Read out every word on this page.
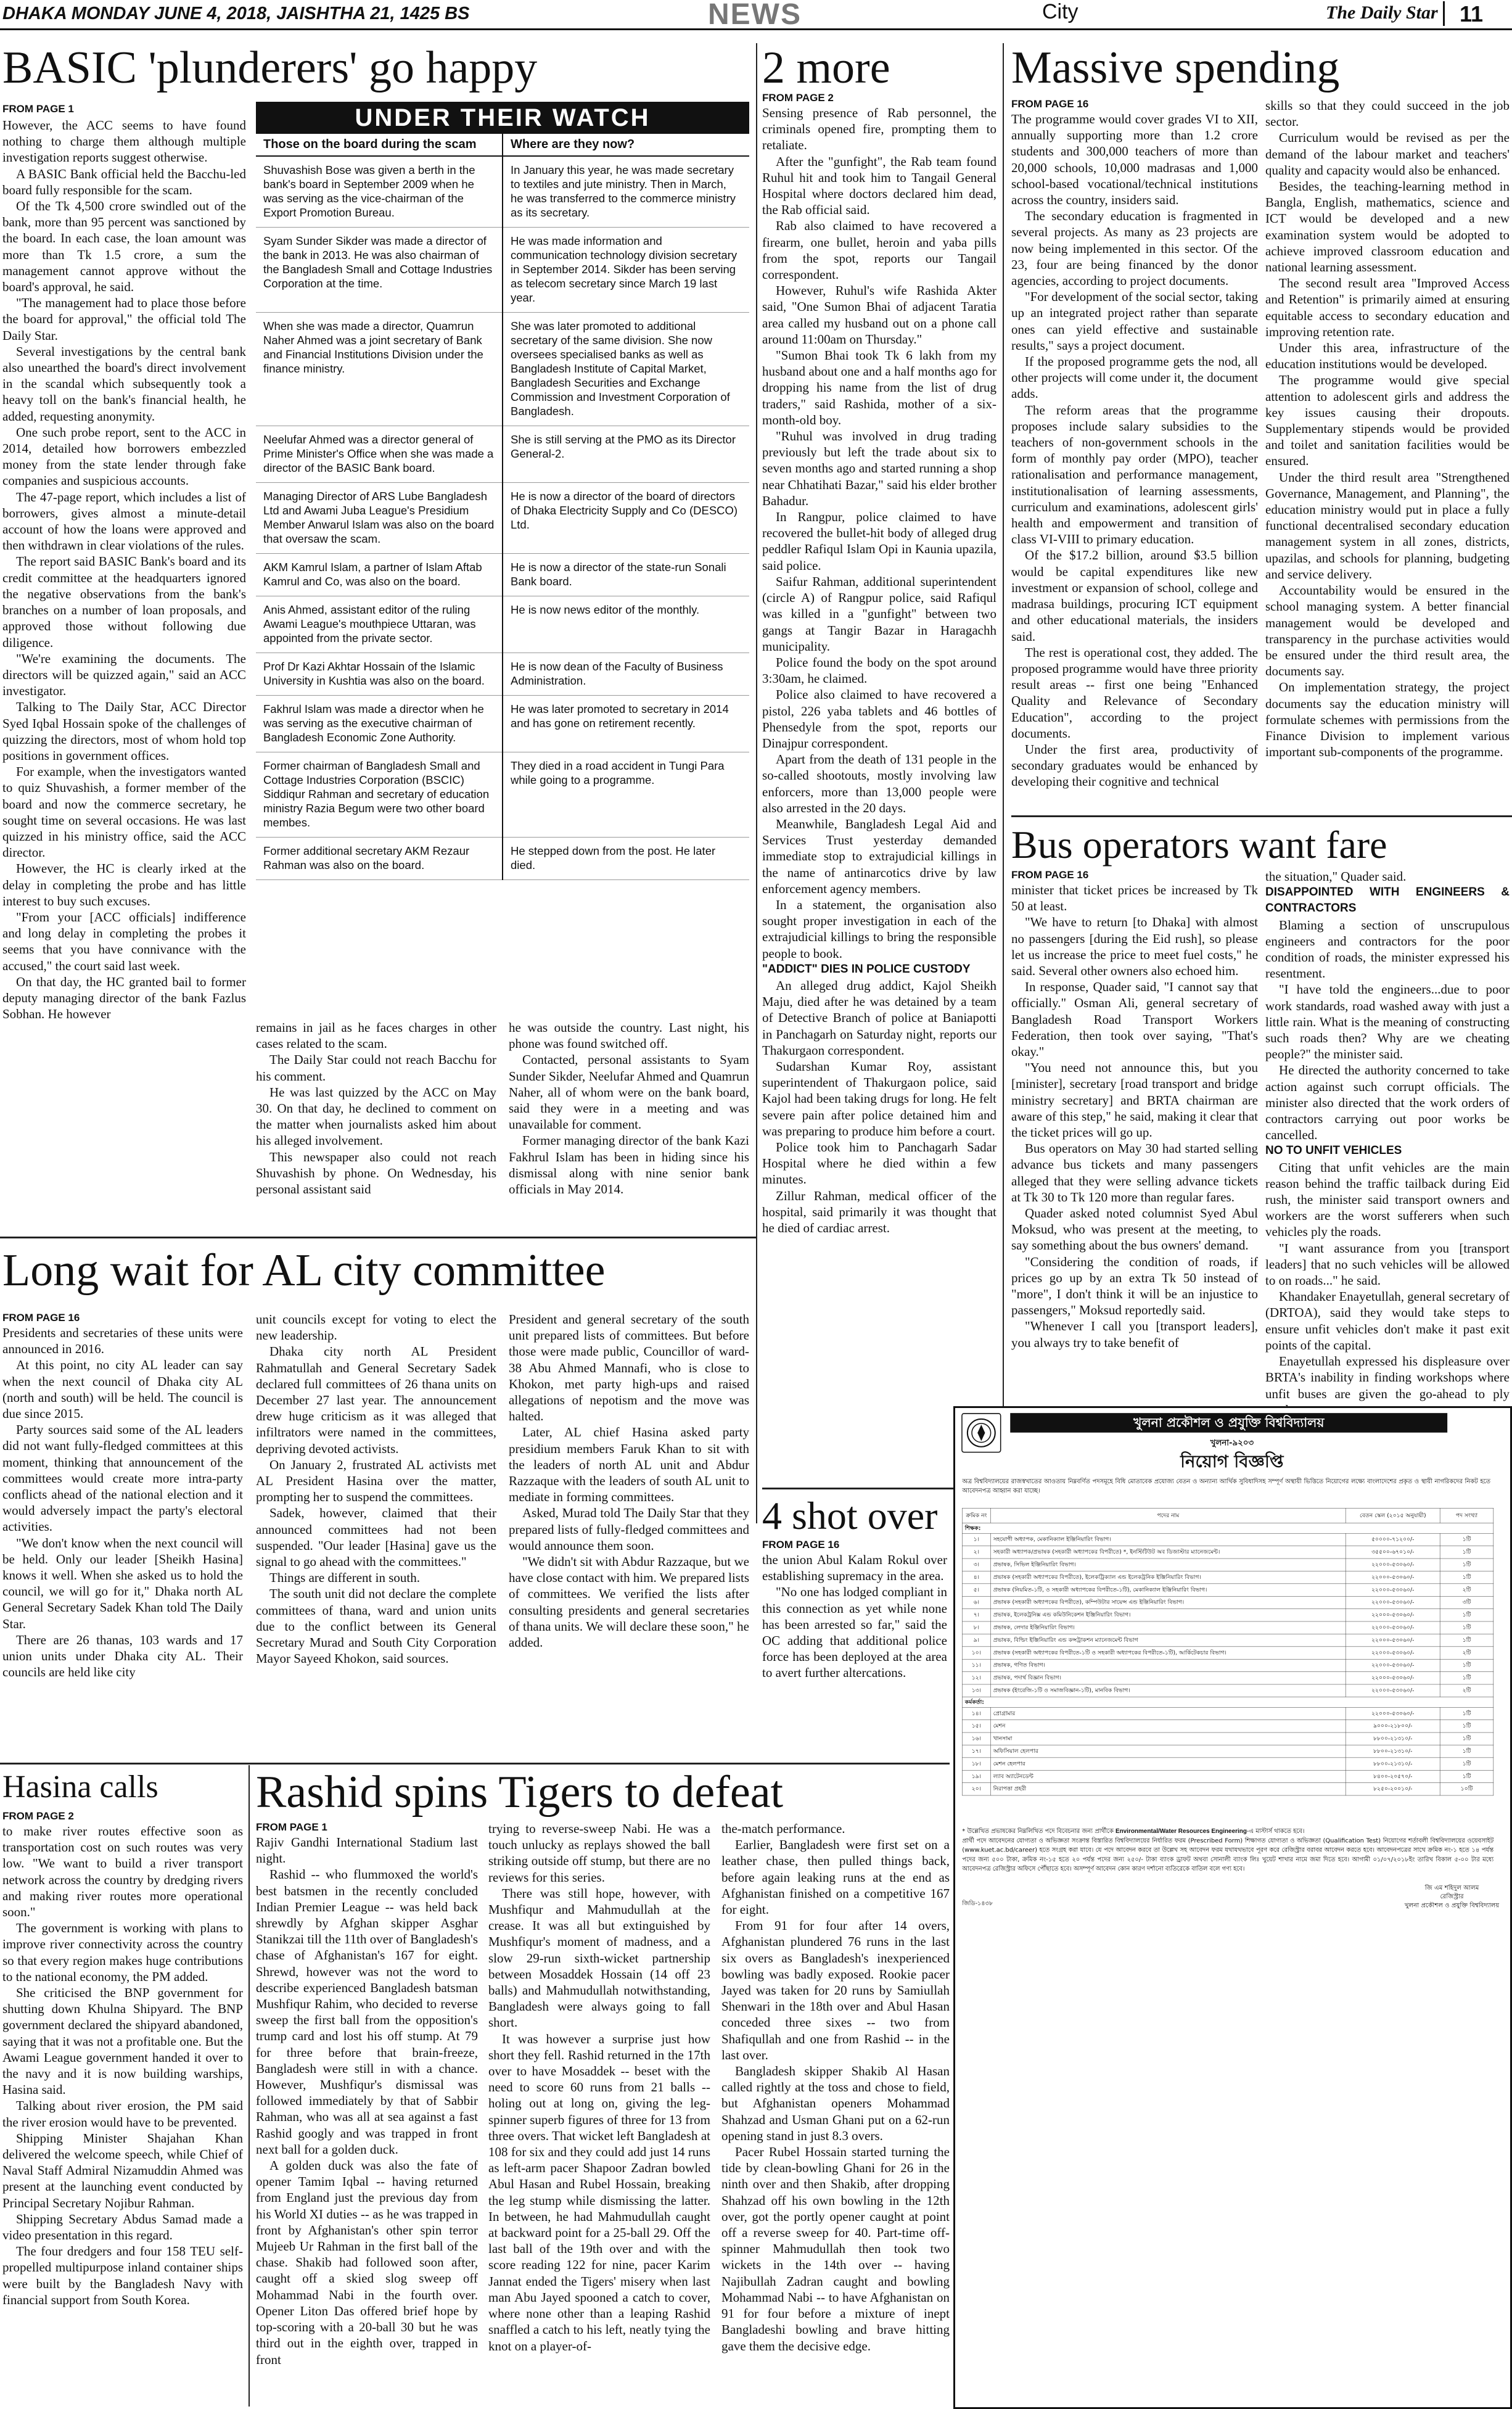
DHAKA MONDAY JUNE 4, 2018, JAISHTHA 21, 1425 BS	NEWS	City	The Daily Star 11
BASIC 'plunderers' go happy
FROM PAGE 1

However, the ACC seems to have found nothing to charge them although multiple investigation reports suggest otherwise.

A BASIC Bank official held the Bacchu-led board fully responsible for the scam.

Of the Tk 4,500 crore swindled out of the bank, more than 95 percent was sanctioned by the board. In each case, the loan amount was more than Tk 1.5 crore, a sum the management cannot approve without the board's approval, he said.

"The management had to place those before the board for approval," the official told The Daily Star.

Several investigations by the central bank also unearthed the board's direct involvement in the scandal which subsequently took a heavy toll on the bank's financial health, he added, requesting anonymity.

One such probe report, sent to the ACC in 2014, detailed how borrowers embezzled money from the state lender through fake companies and suspicious accounts.

The 47-page report, which includes a list of borrowers, gives almost a minute-detail account of how the loans were approved and then withdrawn in clear violations of the rules.

The report said BASIC Bank's board and its credit committee at the headquarters ignored the negative observations from the bank's branches on a number of loan proposals, and approved those without following due diligence.

"We're examining the documents. The directors will be quizzed again," said an ACC investigator.

Talking to The Daily Star, ACC Director Syed Iqbal Hossain spoke of the challenges of quizzing the directors, most of whom hold top positions in government offices.

For example, when the investigators wanted to quiz Shuvashish, a former member of the board and now the commerce secretary, he sought time on several occasions. He was last quizzed in his ministry office, said the ACC director.

However, the HC is clearly irked at the delay in completing the probe and has little interest to buy such excuses.

"From your [ACC officials] indifference and long delay in completing the probes it seems that you have connivance with the accused," the court said last week.

On that day, the HC granted bail to former deputy managing director of the bank Fazlus Sobhan. He however

UNDER THEIR WATCH
Those on the board during the scam	Where are they now?
Shuvashish Bose was given a berth in the bank's board in September 2009 when he was serving as the vice-chairman of the Export Promotion Bureau.	In January this year, he was made secretary to textiles and jute ministry. Then in March, he was transferred to the commerce ministry as its secretary.
Syam Sunder Sikder was made a director of the bank in 2013. He was also chairman of the Bangladesh Small and Cottage Industries Corporation at the time.	He was made information and communication technology division secretary in September 2014. Sikder has been serving as telecom secretary since March 19 last year.
When she was made a director, Quamrun Naher Ahmed was a joint secretary of Bank and Financial Institutions Division under the finance ministry.	She was later promoted to additional secretary of the same division. She now oversees specialised banks as well as Bangladesh Institute of Capital Market, Bangladesh Securities and Exchange Commission and Investment Corporation of Bangladesh.
Neelufar Ahmed was a director general of Prime Minister's Office when she was made a director of the BASIC Bank board.	She is still serving at the PMO as its Director General-2.
Managing Director of ARS Lube Bangladesh Ltd and Awami Juba League's Presidium Member Anwarul Islam was also on the board that oversaw the scam.	He is now a director of the board of directors of Dhaka Electricity Supply and Co (DESCO) Ltd.
AKM Kamrul Islam, a partner of Islam Aftab Kamrul and Co, was also on the board.	He is now a director of the state-run Sonali Bank board.
Anis Ahmed, assistant editor of the ruling Awami League's mouthpiece Uttaran, was appointed from the private sector.	He is now news editor of the monthly.
Prof Dr Kazi Akhtar Hossain of the Islamic University in Kushtia was also on the board.	He is now dean of the Faculty of Business Administration.
Fakhrul Islam was made a director when he was serving as the executive chairman of Bangladesh Economic Zone Authority.	He was later promoted to secretary in 2014 and has gone on retirement recently.
Former chairman of Bangladesh Small and Cottage Industries Corporation (BSCIC) Siddiqur Rahman and secretary of education ministry Razia Begum were two other board membes.	They died in a road accident in Tungi Para while going to a programme.
Former additional secretary AKM Rezaur Rahman was also on the board.	He stepped down from the post. He later died.

remains in jail as he faces charges in other cases related to the scam.

The Daily Star could not reach Bacchu for his comment.

He was last quizzed by the ACC on May 30. On that day, he declined to comment on the matter when journalists asked him about his alleged involvement.

This newspaper also could not reach Shuvashish by phone. On Wednesday, his personal assistant said

he was outside the country. Last night, his phone was found switched off.

Contacted, personal assistants to Syam Sunder Sikder, Neelufar Ahmed and Quamrun Naher, all of whom were on the bank board, said they were in a meeting and was unavailable for comment.

Former managing director of the bank Kazi Fakhrul Islam has been in hiding since his dismissal along with nine senior bank officials in May 2014.

2 more
FROM PAGE 2

Sensing presence of Rab personnel, the criminals opened fire, prompting them to retaliate.

After the "gunfight", the Rab team found Ruhul hit and took him to Tangail General Hospital where doctors declared him dead, the Rab official said.

Rab also claimed to have recovered a firearm, one bullet, heroin and yaba pills from the spot, reports our Tangail correspondent.

However, Ruhul's wife Rashida Akter said, "One Sumon Bhai of adjacent Taratia area called my husband out on a phone call around 11:00am on Thursday."

"Sumon Bhai took Tk 6 lakh from my husband about one and a half months ago for dropping his name from the list of drug traders," said Rashida, mother of a six-month-old boy.

"Ruhul was involved in drug trading previously but left the trade about six to seven months ago and started running a shop near Chhatihati Bazar," said his elder brother Bahadur.

In Rangpur, police claimed to have recovered the bullet-hit body of alleged drug peddler Rafiqul Islam Opi in Kaunia upazila, said police.

Saifur Rahman, additional superintendent (circle A) of Rangpur police, said Rafiqul was killed in a "gunfight" between two gangs at Tangir Bazar in Haragachh municipality.

Police found the body on the spot around 3:30am, he claimed.

Police also claimed to have recovered a pistol, 226 yaba tablets and 46 bottles of Phensedyle from the spot, reports our Dinajpur correspondent.

Apart from the death of 131 people in the so-called shootouts, mostly involving law enforcers, more than 13,000 people were also arrested in the 20 days.

Meanwhile, Bangladesh Legal Aid and Services Trust yesterday demanded immediate stop to extrajudicial killings in the name of antinarcotics drive by law enforcement agency members.

In a statement, the organisation also sought proper investigation in each of the extrajudicial killings to bring the responsible people to book.

"ADDICT" DIES IN POLICE CUSTODY

An alleged drug addict, Kajol Sheikh Maju, died after he was detained by a team of Detective Branch of police at Baniapotti in Panchagarh on Saturday night, reports our Thakurgaon correspondent.

Sudarshan Kumar Roy, assistant superintendent of Thakurgaon police, said Kajol had been taking drugs for long. He felt severe pain after police detained him and was preparing to produce him before a court.

Police took him to Panchagarh Sadar Hospital where he died within a few minutes.

Zillur Rahman, medical officer of the hospital, said primarily it was thought that he died of cardiac arrest.

Massive spending
FROM PAGE 16

The programme would cover grades VI to XII, annually supporting more than 1.2 crore students and 300,000 teachers of more than 20,000 schools, 10,000 madrasas and 1,000 school-based vocational/technical institutions across the country, insiders said.

The secondary education is fragmented in several projects. As many as 23 projects are now being implemented in this sector. Of the 23, four are being financed by the donor agencies, according to project documents.

"For development of the social sector, taking up an integrated project rather than separate ones can yield effective and sustainable results," says a project document.

If the proposed programme gets the nod, all other projects will come under it, the document adds.

The reform areas that the programme proposes include salary subsidies to the teachers of non-government schools in the form of monthly pay order (MPO), teacher rationalisation and performance management, institutionalisation of learning assessments, curriculum and examinations, adolescent girls' health and empowerment and transition of class VI-VIII to primary education.

Of the $17.2 billion, around $3.5 billion would be capital expenditures like new investment or expansion of school, college and madrasa buildings, procuring ICT equipment and other educational materials, the insiders said.

The rest is operational cost, they added. The proposed programme would have three priority result areas -- first one being "Enhanced Quality and Relevance of Secondary Education", according to the project documents.

Under the first area, productivity of secondary graduates would be enhanced by developing their cognitive and technical

skills so that they could succeed in the job sector.

Curriculum would be revised as per the demand of the labour market and teachers' quality and capacity would also be enhanced.

Besides, the teaching-learning method in Bangla, English, mathematics, science and ICT would be developed and a new examination system would be adopted to achieve improved classroom education and national learning assessment.

The second result area "Improved Access and Retention" is primarily aimed at ensuring equitable access to secondary education and improving retention rate.

Under this area, infrastructure of the education institutions would be developed.

The programme would give special attention to adolescent girls and address the key issues causing their dropouts. Supplementary stipends would be provided and toilet and sanitation facilities would be ensured.

Under the third result area "Strengthened Governance, Management, and Planning", the education ministry would put in place a fully functional decentralised secondary education management system in all zones, districts, upazilas, and schools for planning, budgeting and service delivery.

Accountability would be ensured in the school managing system. A better financial management would be developed and transparency in the purchase activities would be ensured under the third result area, the documents say.

On implementation strategy, the project documents say the education ministry will formulate schemes with permissions from the Finance Division to implement various important sub-components of the programme.

Bus operators want fare
FROM PAGE 16

minister that ticket prices be increased by Tk 50 at least.

"We have to return [to Dhaka] with almost no passengers [during the Eid rush], so please let us increase the price to meet fuel costs," he said. Several other owners also echoed him.

In response, Quader said, "I cannot say that officially." Osman Ali, general secretary of Bangladesh Road Transport Workers Federation, then took over saying, "That's okay."

"You need not announce this, but you [minister], secretary [road transport and bridge ministry secretary] and BRTA chairman are aware of this step," he said, making it clear that the ticket prices will go up.

Bus operators on May 30 had started selling advance bus tickets and many passengers alleged that they were selling advance tickets at Tk 30 to Tk 120 more than regular fares.

Quader asked noted columnist Syed Abul Moksud, who was present at the meeting, to say something about the bus owners' demand.

"Considering the condition of roads, if prices go up by an extra Tk 50 instead of "more", I don't think it will be an injustice to passengers," Moksud reportedly said.

"Whenever I call you [transport leaders], you always try to take benefit of

the situation," Quader said.

DISAPPOINTED WITH ENGINEERS & CONTRACTORS

Blaming a section of unscrupulous engineers and contractors for the poor condition of roads, the minister expressed his resentment.

"I have told the engineers...due to poor work standards, road washed away with just a little rain. What is the meaning of constructing such roads then? Why are we cheating people?" the minister said.

He directed the authority concerned to take action against such corrupt officials. The minister also directed that the work orders of contractors carrying out poor works be cancelled.

NO TO UNFIT VEHICLES

Citing that unfit vehicles are the main reason behind the traffic tailback during Eid rush, the minister said transport owners and workers are the worst sufferers when such vehicles ply the roads.

"I want assurance from you [transport leaders] that no such vehicles will be allowed to on roads..." he said.

Khandaker Enayetullah, general secretary of (DRTOA), said they would take steps to ensure unfit vehicles don't make it past exit points of the capital.

Enayetullah expressed his displeasure over BRTA's inability in finding workshops where unfit buses are given the go-ahead to ply

Long wait for AL city committee
FROM PAGE 16

Presidents and secretaries of these units were announced in 2016.

At this point, no city AL leader can say when the next council of Dhaka city AL (north and south) will be held. The council is due since 2015.

Party sources said some of the AL leaders did not want fully-fledged committees at this moment, thinking that announcement of the committees would create more intra-party conflicts ahead of the national election and it would adversely impact the party's electoral activities.

"We don't know when the next council will be held. Only our leader [Sheikh Hasina] knows it well. When she asked us to hold the council, we will go for it," Dhaka north AL General Secretary Sadek Khan told The Daily Star.

There are 26 thanas, 103 wards and 17 union units under Dhaka city AL. Their councils are held like city

unit councils except for voting to elect the new leadership.

Dhaka city north AL President Rahmatullah and General Secretary Sadek declared full committees of 26 thana units on December 27 last year. The announcement drew huge criticism as it was alleged that infiltrators were named in the committees, depriving devoted activists.

On January 2, frustrated AL activists met AL President Hasina over the matter, prompting her to suspend the committees.

Sadek, however, claimed that their announced committees had not been suspended. "Our leader [Hasina] gave us the signal to go ahead with the committees."

Things are different in south.

The south unit did not declare the complete committees of thana, ward and union units due to the conflict between its General Secretary Murad and South City Corporation Mayor Sayeed Khokon, said sources.

President and general secretary of the south unit prepared lists of committees. But before those were made public, Councillor of ward-38 Abu Ahmed Mannafi, who is close to Khokon, met party high-ups and raised allegations of nepotism and the move was halted.

Later, AL chief Hasina asked party presidium members Faruk Khan to sit with the leaders of north AL unit and Abdur Razzaque with the leaders of south AL unit to mediate in forming committees.

Asked, Murad told The Daily Star that they prepared lists of fully-fledged committees and would announce them soon.

"We didn't sit with Abdur Razzaque, but we have close contact with him. We prepared lists of committees. We verified the lists after consulting presidents and general secretaries of thana units. We will declare these soon," he added.

4 shot over
FROM PAGE 16

the union Abul Kalam Rokul over establishing supremacy in the area.

"No one has lodged compliant in this connection as yet while none has been arrested so far," said the OC adding that additional police force has been deployed at the area to avert further altercations.

Hasina calls
FROM PAGE 2

to make river routes effective soon as transportation cost on such routes was very low. "We want to build a river transport network across the country by dredging rivers and making river routes more operational soon."

The government is working with plans to improve river connectivity across the country so that every region makes huge contributions to the national economy, the PM added.

She criticised the BNP government for shutting down Khulna Shipyard. The BNP government declared the shipyard abandoned, saying that it was not a profitable one. But the Awami League government handed it over to the navy and it is now building warships, Hasina said.

Talking about river erosion, the PM said the river erosion would have to be prevented.

Shipping Minister Shajahan Khan delivered the welcome speech, while Chief of Naval Staff Admiral Nizamuddin Ahmed was present at the launching event conducted by Principal Secretary Nojibur Rahman.

Shipping Secretary Abdus Samad made a video presentation in this regard.

The four dredgers and four 158 TEU self-propelled multipurpose inland container ships were built by the Bangladesh Navy with financial support from South Korea.

Rashid spins Tigers to defeat
FROM PAGE 1

Rajiv Gandhi International Stadium last night.

Rashid -- who flummoxed the world's best batsmen in the recently concluded Indian Premier League -- was held back shrewdly by Afghan skipper Asghar Stanikzai till the 11th over of Bangladesh's chase of Afghanistan's 167 for eight. Shrewd, however was not the word to describe experienced Bangladesh batsman Mushfiqur Rahim, who decided to reverse sweep the first ball from the opposition's trump card and lost his off stump. At 79 for three before that brain-freeze, Bangladesh were still in with a chance. However, Mushfiqur's dismissal was followed immediately by that of Sabbir Rahman, who was all at sea against a fast Rashid googly and was trapped in front next ball for a golden duck.

A golden duck was also the fate of opener Tamim Iqbal -- having returned from England just the previous day from his World XI duties -- as he was trapped in front by Afghanistan's other spin terror Mujeeb Ur Rahman in the first ball of the chase. Shakib had followed soon after, caught off a skied slog sweep off Mohammad Nabi in the fourth over. Opener Liton Das offered brief hope by top-scoring with a 20-ball 30 but he was third out in the eighth over, trapped in front

trying to reverse-sweep Nabi. He was a touch unlucky as replays showed the ball striking outside off stump, but there are no reviews for this series.

There was still hope, however, with Mushfiqur and Mahmudullah at the crease. It was all but extinguished by Mushfiqur's moment of madness, and a slow 29-run sixth-wicket partnership between Mosaddek Hossain (14 off 23 balls) and Mahmudullah notwithstanding, Bangladesh were always going to fall short.

It was however a surprise just how short they fell. Rashid returned in the 17th over to have Mosaddek -- beset with the need to score 60 runs from 21 balls -- holing out at long on, giving the leg-spinner superb figures of three for 13 from three overs. That wicket left Bangladesh at 108 for six and they could add just 14 runs as left-arm pacer Shapoor Zadran bowled Abul Hasan and Rubel Hossain, breaking the leg stump while dismissing the latter. In between, he had Mahmudullah caught at backward point for a 25-ball 29. Off the last ball of the 19th over and with the score reading 122 for nine, pacer Karim Jannat ended the Tigers' misery when last man Abu Jayed spooned a catch to cover, where none other than a leaping Rashid snaffled a catch to his left, neatly tying the knot on a player-of-

the-match performance.

Earlier, Bangladesh were first set on a leather chase, then pulled things back, before again leaking runs at the end as Afghanistan finished on a competitive 167 for eight.

From 91 for four after 14 overs, Afghanistan plundered 76 runs in the last six overs as Bangladesh's inexperienced bowling was badly exposed. Rookie pacer Jayed was taken for 20 runs by Samiullah Shenwari in the 18th over and Abul Hasan conceded three sixes -- two from Shafiqullah and one from Rashid -- in the last over.

Bangladesh skipper Shakib Al Hasan called rightly at the toss and chose to field, but Afghanistan openers Mohammad Shahzad and Usman Ghani put on a 62-run opening stand in just 8.3 overs.

Pacer Rubel Hossain started turning the tide by clean-bowling Ghani for 26 in the ninth over and then Shakib, after dropping Shahzad off his own bowling in the 12th over, got the portly opener caught at point off a reverse sweep for 40. Part-time off-spinner Mahmudullah then took two wickets in the 14th over -- having Najibullah Zadran caught and bowling Mohammad Nabi -- to have Afghanistan on 91 for four before a mixture of inept Bangladeshi bowling and brave hitting gave them the decisive edge.

খুলনা প্রকৌশল ও প্রযুক্তি বিশ্ববিদ্যালয়
খুলনা-৯২০৩
নিয়োগ বিজ্ঞপ্তি
অত্র বিশ্ববিদ্যালয়ের রাজস্বখাতের আওতায় নিম্নবর্ণিত পদসমূহে বিধি মোতাবেক প্রযোজ্য বেতন ও অন্যান্য আর্থিক সুবিধাদিসহ সম্পূর্ণ অস্থায়ী ভিত্তিতে নিয়োগের লক্ষ্যে বাংলাদেশের প্রকৃত ও স্থায়ী নাগরিকদের নিকট হতে আবেদনপত্র আহ্বান করা যাচ্ছে।
ক্রমিক নং	পদের নাম	বেতন স্কেল (২০১৫ অনুযায়ী)	পদ সংখ্যা
শিক্ষক:			
১।	সহযোগী অধ্যাপক, মেকানিক্যাল ইঞ্জিনিয়ারিং বিভাগ।	৫০০০০-৭১২০০/-	১টি
২।	সহকারী অধ্যাপক/প্রভাষক (সহকারী অধ্যাপকের বিপরীতে) *, ইনস্টিটিউট অব ডিজাস্টার ম্যানেজমেন্ট।	৩৫৫০০-৬৭০১০/-	১টি
৩।	প্রভাষক, সিভিল ইঞ্জিনিয়ারিং বিভাগ।	২২০০০-৫৩০৬০/-	১টি
৪।	প্রভাষক (সহকারী অধ্যাপকের বিপরীতে), ইলেকট্রিক্যাল এন্ড ইলেকট্রনিক ইঞ্জিনিয়ারিং বিভাগ।	২২০০০-৫৩০৬০/-	১টি
৫।	প্রভাষক (নিয়মিত-১টি, ও সহকারী অধ্যাপকের বিপরীতে-১টি), মেকানিক্যাল ইঞ্জিনিয়ারিং বিভাগ।	২২০০০-৫৩০৬০/-	২টি
৬।	প্রভাষক (সহকারী অধ্যাপকের বিপরীতে), কম্পিউটার সায়েন্স এন্ড ইঞ্জিনিয়ারিং বিভাগ।	২২০০০-৫৩০৬০/-	৩টি
৭।	প্রভাষক, ইলেকট্রনিক্স এন্ড কমিউনিকেশন ইঞ্জিনিয়ারিং বিভাগ।	২২০০০-৫৩০৬০/-	১টি
৮।	প্রভাষক, লেদার ইঞ্জিনিয়ারিং বিভাগ।	২২০০০-৫৩০৬০/-	১টি
৯।	প্রভাষক, বিল্ডিং ইঞ্জিনিয়ারিং এন্ড কন্সট্রাকশন ম্যানেজমেন্ট বিভাগ	২২০০০-৫৩০৬০/-	১টি
১০।	প্রভাষক (সহকারী অধ্যাপকের বিপরীতে-১টি ও সহকারী অধ্যাপকের বিপরীতে-১টি), আর্কিটেকচার বিভাগ।	২২০০০-৫৩০৬০/-	২টি
১১।	প্রভাষক, গণিত বিভাগ।	২২০০০-৫৩০৬০/-	১টি
১২।	প্রভাষক, পদার্থ বিজ্ঞান বিভাগ।	২২০০০-৫৩০৬০/-	১টি
১৩।	প্রভাষক (ইংরেজি-১টি ও সমাজবিজ্ঞান-১টি), মানবিক বিভাগ।	২২০০০-৫৩০৬০/-	২টি
কর্মকর্তা:			
১৪।	প্রোগ্রামার	২২০০০-৫৩০৬০/-	১টি
১৫।	মেশন	৯০০০-২১৮০০/-	১টি
১৬।	খানসামা	৮৮০০-২১৩১০/-	১টি
১৭।	অফিসিয়াল হেলপার	৮৮০০-২১৩১০/-	১টি
১৮।	মেশন হেলপার	৮৮০০-২১৩১০/-	১টি
১৯।	ল্যাব অ্যাটেনডেন্ট	৮৪০০-২০৫৭০/-	১টি
২০।	নিরাপত্তা প্রহরী	৮২৫০-২০০১০/-	১০টি
* উল্লেখিত প্রভাষকের নিম্নলিখিত পদে বিবেচনার জন্য প্রার্থীকে Environmental/Water Resources Engineering-এ মাস্টার্স থাকতে হবে।
প্রার্থী পদে আবেদনের যোগ্যতা ও অভিজ্ঞতা সংক্রান্ত বিস্তারিত বিশ্ববিদ্যালয়ের নির্ধারিত ফরম (Prescribed Form) শিক্ষাগত যোগ্যতা ও অভিজ্ঞতা (Qualification Test) নিয়োগের শর্তাবলী বিশ্ববিদ্যালয়ের ওয়েবসাইট (www.kuet.ac.bd/career) হতে সংগ্রহ করা যাবে। যে পদে আবেদন করবে তা উল্লেখ সহ আবেদন ফরম যথাযথভাবে পূরণ করে রেজিস্ট্রার বরাবর আবেদন করতে হবে। আবেদনপত্রের সাথে ক্রমিক নং-১ হতে ১৪ পর্যন্ত পদের জন্য ৫০০ টাকা, ক্রমিক নং-১৫ হতে ২০ পর্যন্ত পদের জন্য ২৫০/- টাকা ব্যাংক ড্রাফট অথবা সোনালী ব্যাংক লিঃ খুয়েট শাখার নামে জমা দিতে হবে। আগামী ০১/০৭/২০১৮ইং তারিখ বিকাল ৫-০০ টার মধ্যে আবেদনপত্র রেজিস্ট্রার অফিসে পৌঁছাতে হবে। অসম্পূর্ণ আবেদন কোন কারণ দর্শানো ব্যতিরেকে বাতিল বলে গণ্য হবে।
জি এম শহিদুল আলম
রেজিস্ট্রার
খুলনা প্রকৌশল ও প্রযুক্তি বিশ্ববিদ্যালয়
জিডি-১৪৩৮
